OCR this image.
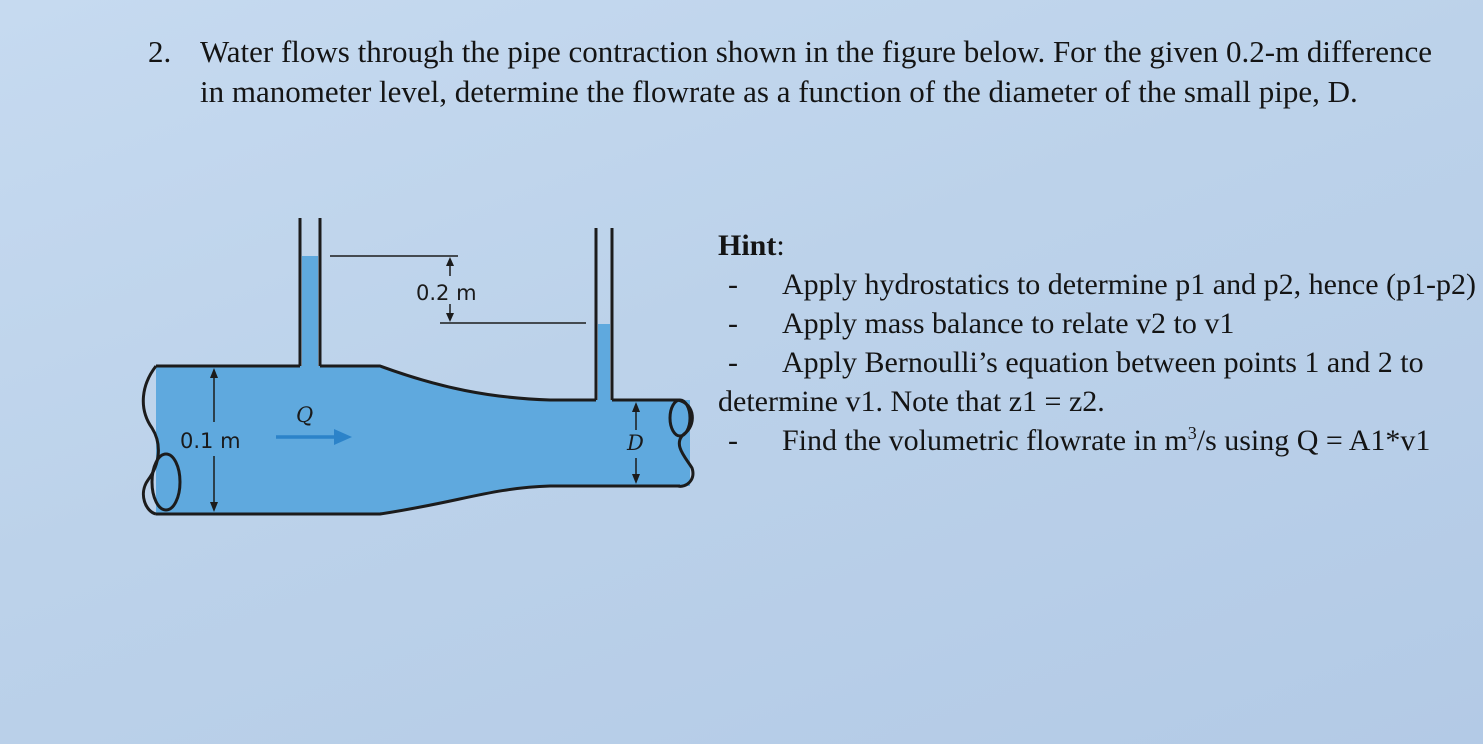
2. Water flows through the pipe contraction shown in the figure below. For the given 0.2-m difference in manometer level, determine the flowrate as a function of the diameter of the small pipe, D.
0.2 m
0.1 m
Q
D
Hint:

- Apply hydrostatics to determine p1 and p2, hence (p1-p2)

- Apply mass balance to relate v2 to v1

- Apply Bernoulli’s equation between points 1 and 2 to determine v1. Note that z1 = z2.

- Find the volumetric flowrate in $m^3/s$ using Q = A1*v1
